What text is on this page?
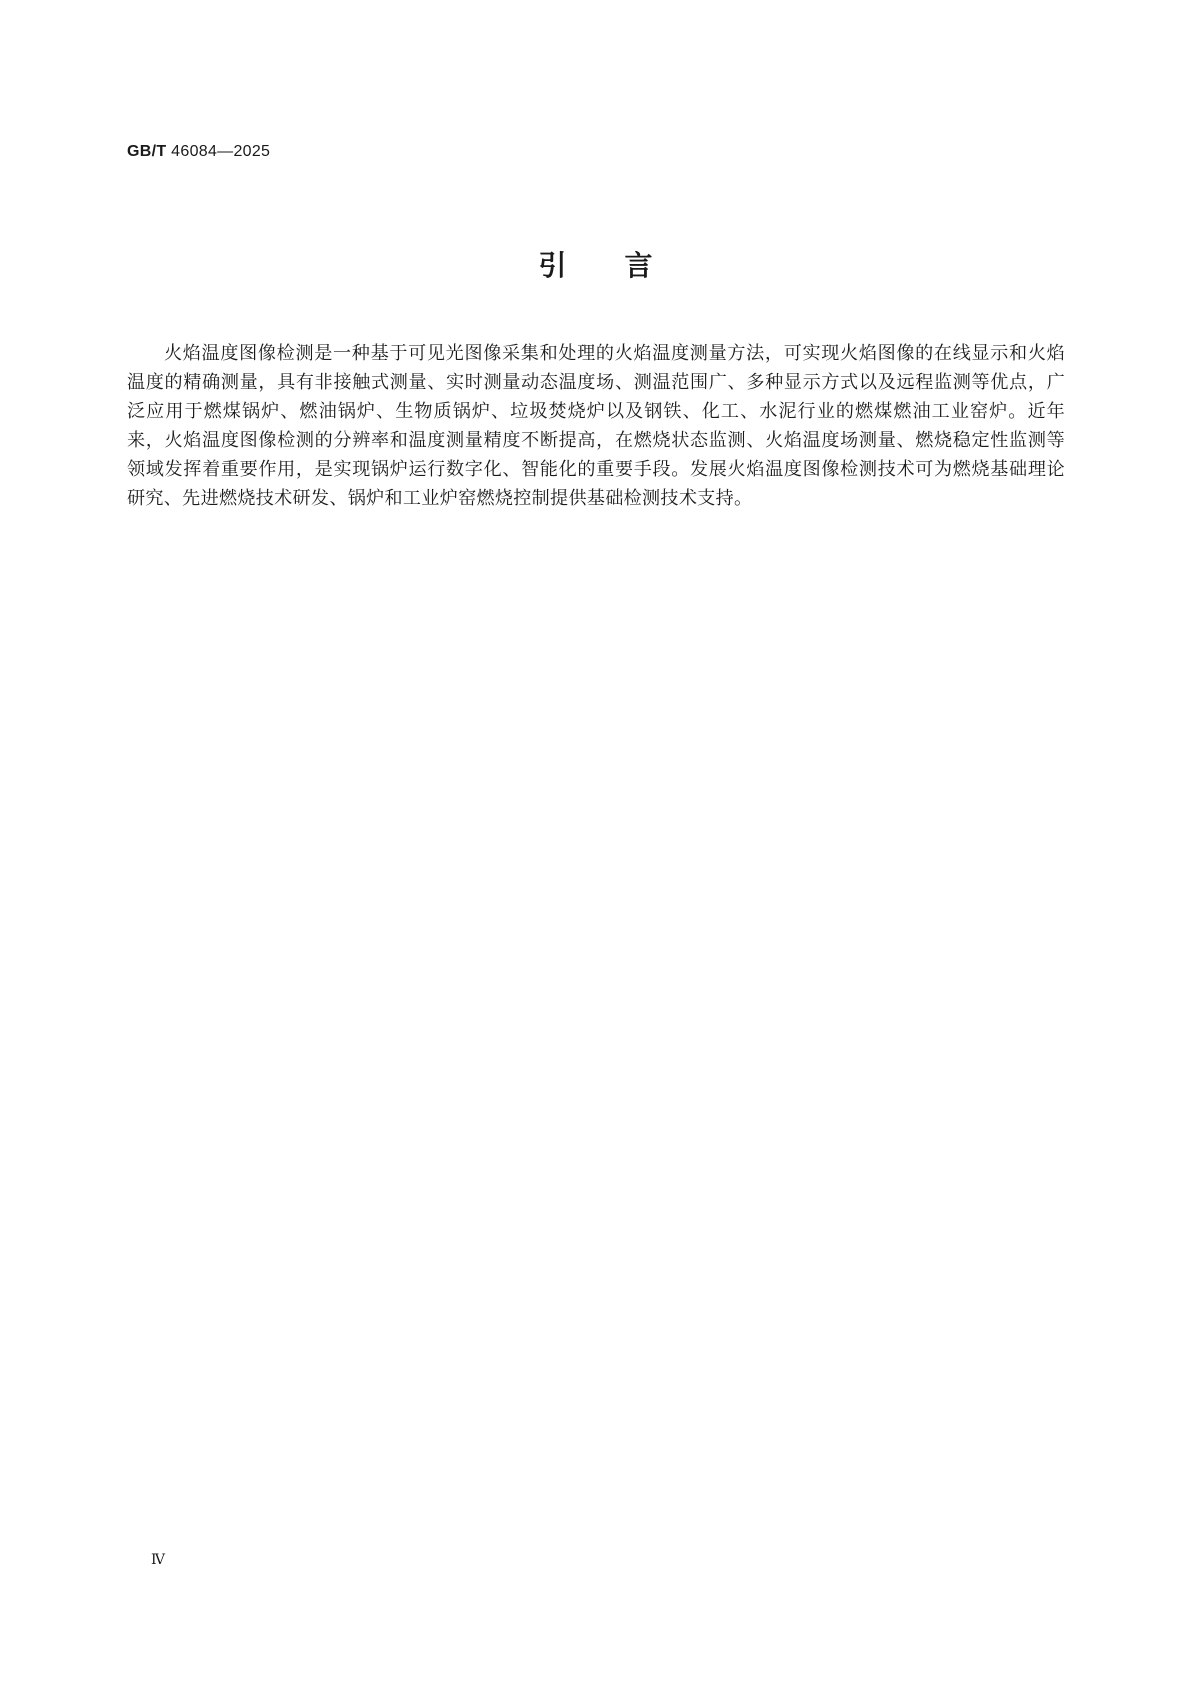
GB/T 46084—2025
引言

火焰温度图像检测是一种基于可见光图像采集和处理的火焰温度测量方法，可实现火焰图像的在线显示和火焰温度的精确测量，具有非接触式测量、实时测量动态温度场、测温范围广、多种显示方式以及远程监测等优点，广泛应用于燃煤锅炉、燃油锅炉、生物质锅炉、垃圾焚烧炉以及钢铁、化工、水泥行业的燃煤燃油工业窑炉。近年来，火焰温度图像检测的分辨率和温度测量精度不断提高，在燃烧状态监测、火焰温度场测量、燃烧稳定性监测等领域发挥着重要作用，是实现锅炉运行数字化、智能化的重要手段。发展火焰温度图像检测技术可为燃烧基础理论研究、先进燃烧技术研发、锅炉和工业炉窑燃烧控制提供基础检测技术支持。

Ⅳ
